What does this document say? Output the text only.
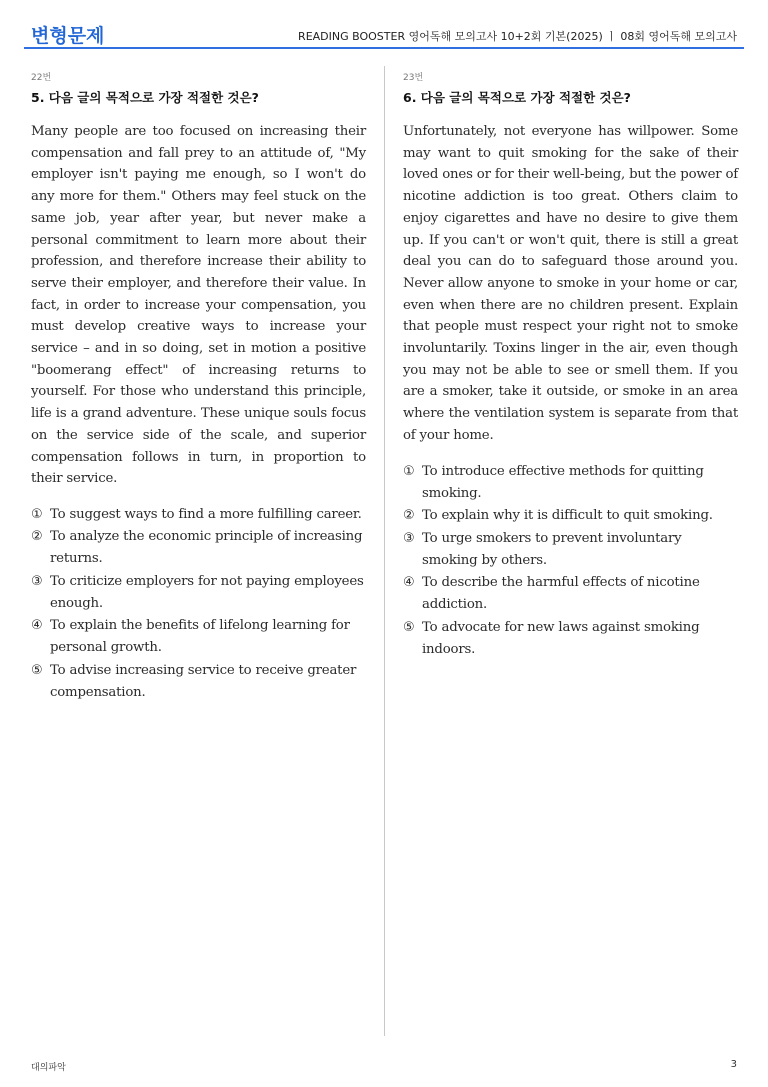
변형문제	READING BOOSTER 영어독해 모의고사 10+2회 기본(2025) ㅣ 08회 영어독해 모의고사
22번
5. 다음 글의 목적으로 가장 적절한 것은?

Many people are too focused on increasing their compensation and fall prey to an attitude of, "My employer isn't paying me enough, so I won't do any more for them." Others may feel stuck on the same job, year after year, but never make a personal commitment to learn more about their profession, and therefore increase their ability to serve their employer, and therefore their value. In fact, in order to increase your compensation, you must develop creative ways to increase your service – and in so doing, set in motion a positive "boomerang effect" of increasing returns to yourself. For those who understand this principle, life is a grand adventure. These unique souls focus on the service side of the scale, and superior compensation follows in turn, in proportion to their service.

① To suggest ways to find a more fulfilling career.
② To analyze the economic principle of increasing returns.
③ To criticize employers for not paying employees enough.
④ To explain the benefits of lifelong learning for personal growth.
⑤ To advise increasing service to receive greater compensation.
23번
6. 다음 글의 목적으로 가장 적절한 것은?

Unfortunately, not everyone has willpower. Some may want to quit smoking for the sake of their loved ones or for their well-being, but the power of nicotine addiction is too great. Others claim to enjoy cigarettes and have no desire to give them up. If you can't or won't quit, there is still a great deal you can do to safeguard those around you. Never allow anyone to smoke in your home or car, even when there are no children present. Explain that people must respect your right not to smoke involuntarily. Toxins linger in the air, even though you may not be able to see or smell them. If you are a smoker, take it outside, or smoke in an area where the ventilation system is separate from that of your home.

① To introduce effective methods for quitting smoking.
② To explain why it is difficult to quit smoking.
③ To urge smokers to prevent involuntary smoking by others.
④ To describe the harmful effects of nicotine addiction.
⑤ To advocate for new laws against smoking indoors.
대의파악	3
